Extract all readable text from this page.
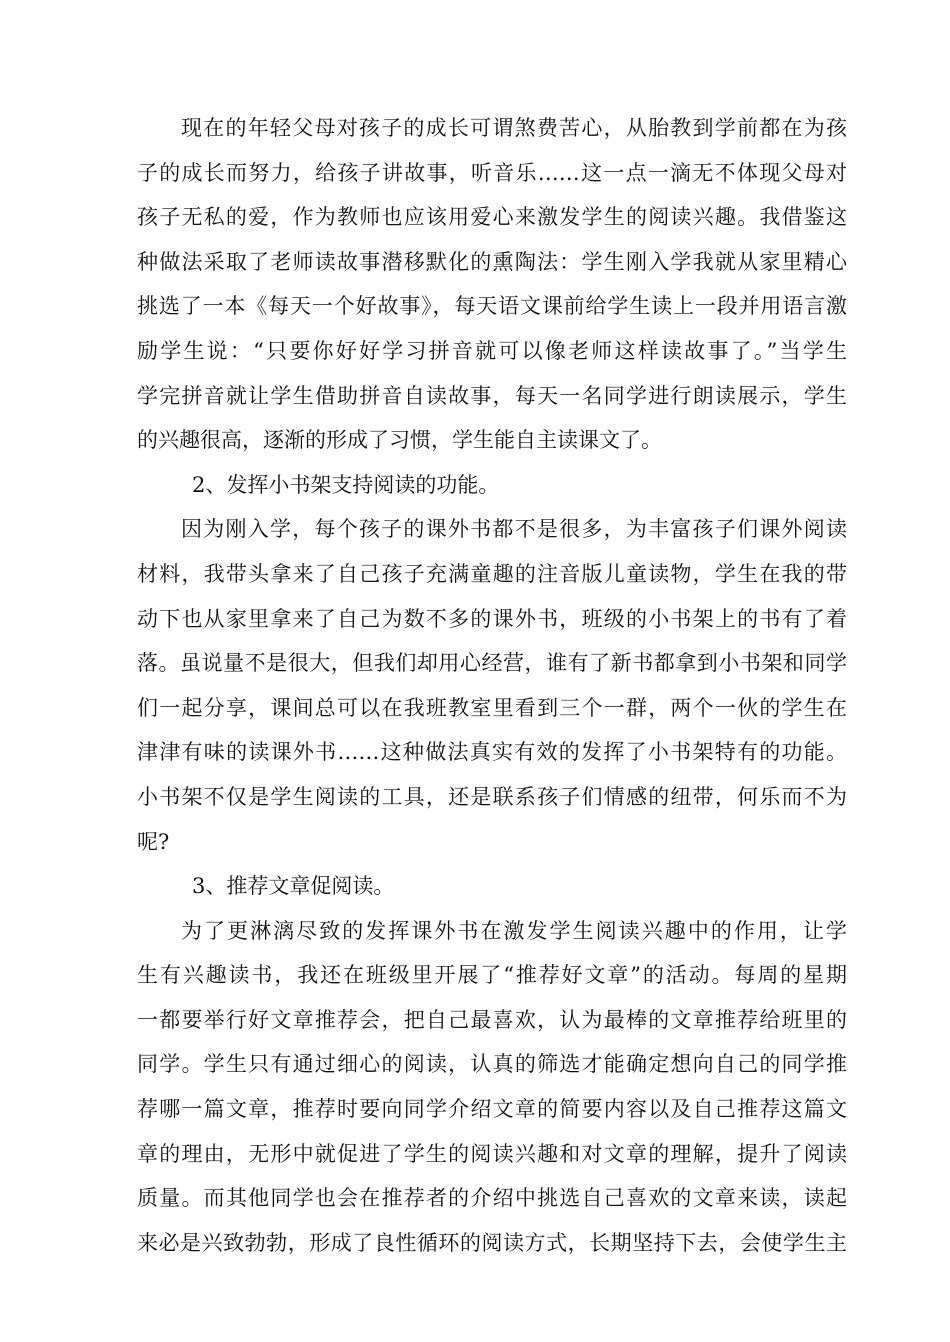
现在的年轻父母对孩子的成长可谓煞费苦心，从胎教到学前都在为孩
子的成长而努力，给孩子讲故事，听音乐……这一点一滴无不体现父母对
孩子无私的爱，作为教师也应该用爱心来激发学生的阅读兴趣。我借鉴这
种做法采取了老师读故事潜移默化的熏陶法：学生刚入学我就从家里精心
挑选了一本《每天一个好故事》，每天语文课前给学生读上一段并用语言激
励学生说：“只要你好好学习拼音就可以像老师这样读故事了。”当学生
学完拼音就让学生借助拼音自读故事，每天一名同学进行朗读展示，学生
的兴趣很高，逐渐的形成了习惯，学生能自主读课文了。
2、发挥小书架支持阅读的功能。
因为刚入学，每个孩子的课外书都不是很多，为丰富孩子们课外阅读
材料，我带头拿来了自己孩子充满童趣的注音版儿童读物，学生在我的带
动下也从家里拿来了自己为数不多的课外书，班级的小书架上的书有了着
落。虽说量不是很大，但我们却用心经营，谁有了新书都拿到小书架和同学
们一起分享，课间总可以在我班教室里看到三个一群，两个一伙的学生在
津津有味的读课外书……这种做法真实有效的发挥了小书架特有的功能。
小书架不仅是学生阅读的工具，还是联系孩子们情感的纽带，何乐而不为
呢?
3、推荐文章促阅读。
为了更淋漓尽致的发挥课外书在激发学生阅读兴趣中的作用，让学
生有兴趣读书，我还在班级里开展了“推荐好文章”的活动。每周的星期
一都要举行好文章推荐会，把自己最喜欢，认为最棒的文章推荐给班里的
同学。学生只有通过细心的阅读，认真的筛选才能确定想向自己的同学推
荐哪一篇文章，推荐时要向同学介绍文章的简要内容以及自己推荐这篇文
章的理由，无形中就促进了学生的阅读兴趣和对文章的理解，提升了阅读
质量。而其他同学也会在推荐者的介绍中挑选自己喜欢的文章来读，读起
来必是兴致勃勃，形成了良性循环的阅读方式，长期坚持下去，会使学生主
